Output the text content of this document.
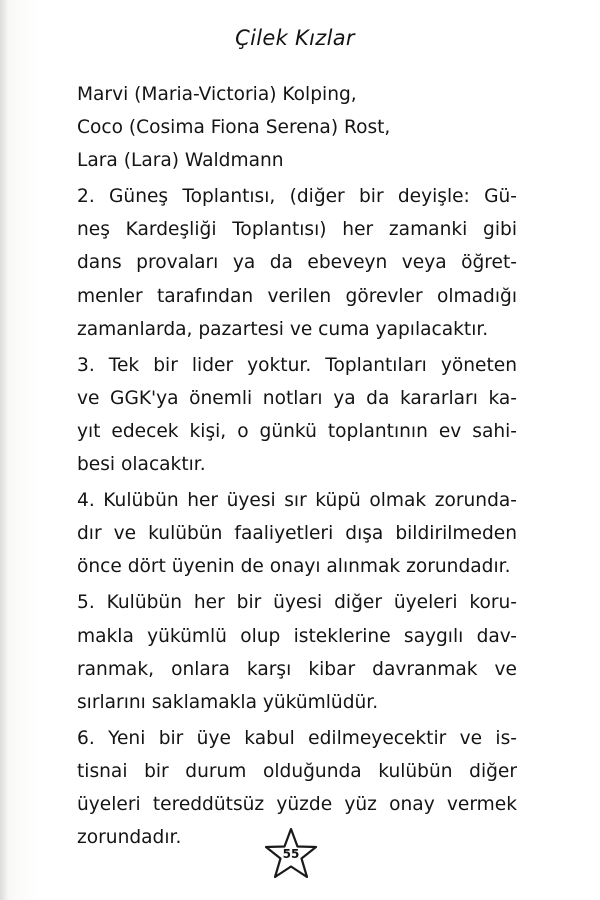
Çilek Kızlar
Marvi (Maria-Victoria) Kolping,
Coco (Cosima Fiona Serena) Rost,
Lara (Lara) Waldmann
2. Güneş Toplantısı, (diğer bir deyişle: Gü-
neş Kardeşliği Toplantısı) her zamanki gibi
dans provaları ya da ebeveyn veya öğret-
menler tarafından verilen görevler olmadığı
zamanlarda, pazartesi ve cuma yapılacaktır.
3. Tek bir lider yoktur. Toplantıları yöneten
ve GGK'ya önemli notları ya da kararları ka-
yıt edecek kişi, o günkü toplantının ev sahi-
besi olacaktır.
4. Kulübün her üyesi sır küpü olmak zorunda-
dır ve kulübün faaliyetleri dışa bildirilmeden
önce dört üyenin de onayı alınmak zorundadır.
5. Kulübün her bir üyesi diğer üyeleri koru-
makla yükümlü olup isteklerine saygılı dav-
ranmak, onlara karşı kibar davranmak ve
sırlarını saklamakla yükümlüdür.
6. Yeni bir üye kabul edilmeyecektir ve is-
tisnai bir durum olduğunda kulübün diğer
üyeleri tereddütsüz yüzde yüz onay vermek
zorundadır.
55
